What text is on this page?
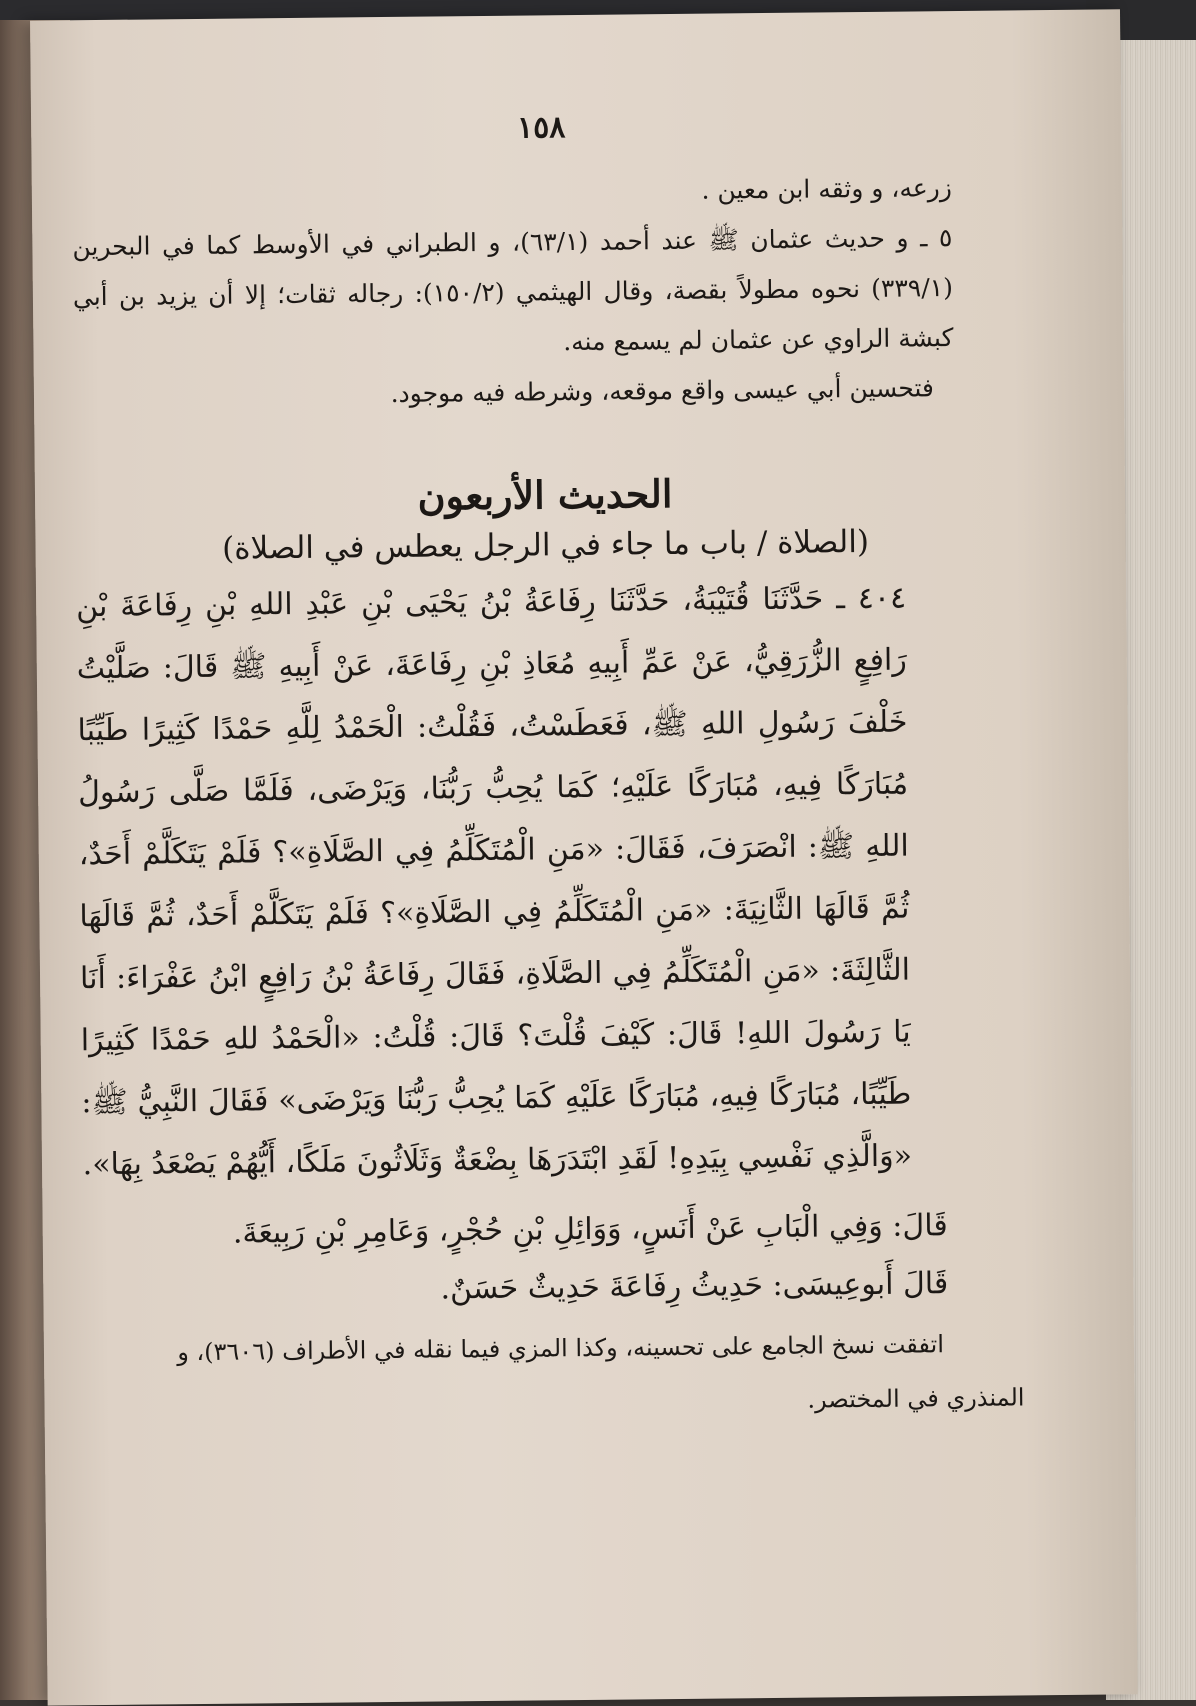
١٥٨

زرعه، و وثقه ابن معين .

٥ ـ و حديث عثمان ﷺ عند أحمد (٦٣/١)، و الطبراني في الأوسط كما في البحرين (٣٣٩/١) نحوه مطولاً بقصة، وقال الهيثمي (١٥٠/٢): رجاله ثقات؛ إلا أن يزيد بن أبي كبشة الراوي عن عثمان لم يسمع منه.

فتحسين أبي عيسى واقع موقعه، وشرطه فيه موجود.

الحديث الأربعون
(الصلاة / باب ما جاء في الرجل يعطس في الصلاة)

٤٠٤ ـ حَدَّثَنَا قُتَيْبَةُ، حَدَّثَنَا رِفَاعَةُ بْنُ يَحْيَى بْنِ عَبْدِ اللهِ بْنِ رِفَاعَةَ بْنِ رَافِعٍ الزُّرَقِيُّ، عَنْ عَمِّ أَبِيهِ مُعَاذِ بْنِ رِفَاعَةَ، عَنْ أَبِيهِ ﷺ قَالَ: صَلَّيْتُ خَلْفَ رَسُولِ اللهِ ﷺ، فَعَطَسْتُ، فَقُلْتُ: الْحَمْدُ لِلَّهِ حَمْدًا كَثِيرًا طَيِّبًا مُبَارَكًا فِيهِ، مُبَارَكًا عَلَيْهِ؛ كَمَا يُحِبُّ رَبُّنَا، وَيَرْضَى، فَلَمَّا صَلَّى رَسُولُ اللهِ ﷺ: انْصَرَفَ، فَقَالَ: «مَنِ الْمُتَكَلِّمُ فِي الصَّلَاةِ»؟ فَلَمْ يَتَكَلَّمْ أَحَدٌ، ثُمَّ قَالَهَا الثَّانِيَةَ: «مَنِ الْمُتَكَلِّمُ فِي الصَّلَاةِ»؟ فَلَمْ يَتَكَلَّمْ أَحَدٌ، ثُمَّ قَالَهَا الثَّالِثَةَ: «مَنِ الْمُتَكَلِّمُ فِي الصَّلَاةِ، فَقَالَ رِفَاعَةُ بْنُ رَافِعٍ ابْنُ عَفْرَاءَ: أَنَا يَا رَسُولَ اللهِ! قَالَ: كَيْفَ قُلْتَ؟ قَالَ: قُلْتُ: «الْحَمْدُ للهِ حَمْدًا كَثِيرًا طَيِّبًا، مُبَارَكًا فِيهِ، مُبَارَكًا عَلَيْهِ كَمَا يُحِبُّ رَبُّنَا وَيَرْضَى» فَقَالَ النَّبِيُّ ﷺ: «وَالَّذِي نَفْسِي بِيَدِهِ! لَقَدِ ابْتَدَرَهَا بِضْعَةٌ وَثَلَاثُونَ مَلَكًا، أَيُّهُمْ يَصْعَدُ بِهَا».

قَالَ: وَفِي الْبَابِ عَنْ أَنَسٍ، وَوَائِلِ بْنِ حُجْرٍ، وَعَامِرِ بْنِ رَبِيعَةَ.

قَالَ أَبوعِيسَى: حَدِيثُ رِفَاعَةَ حَدِيثٌ حَسَنٌ.

اتفقت نسخ الجامع على تحسينه، وكذا المزي فيما نقله في الأطراف (٣٦٠٦)، و

المنذري في المختصر.
